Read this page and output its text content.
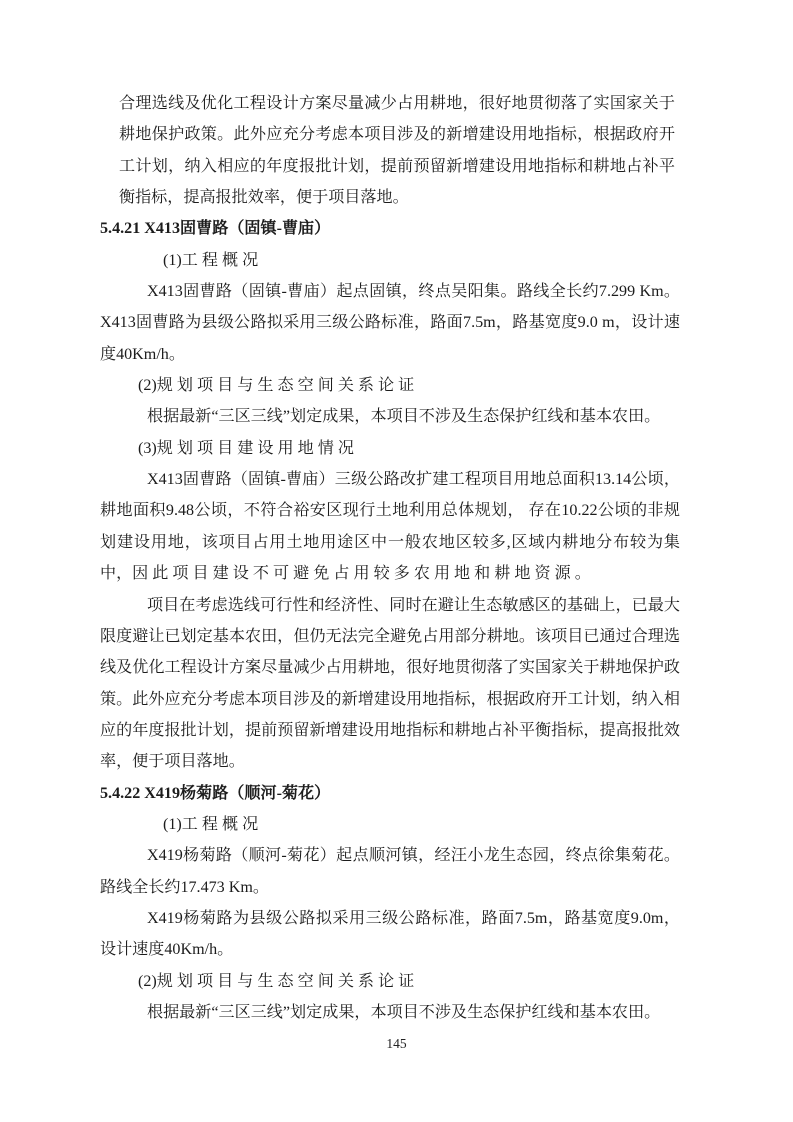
合理选线及优化工程设计方案尽量减少占用耕地，很好地贯彻落了实国家关于耕地保护政策。此外应充分考虑本项目涉及的新增建设用地指标，根据政府开工计划，纳入相应的年度报批计划，提前预留新增建设用地指标和耕地占补平衡指标，提高报批效率，便于项目落地。
5.4.21 X413固曹路（固镇-曹庙）
(1)工 程 概 况
X413固曹路（固镇-曹庙）起点固镇，终点吴阳集。路线全长约7.299 Km。X413固曹路为县级公路拟采用三级公路标准，路面7.5m，路基宽度9.0 m，设计速度40Km/h。
(2)规 划 项 目 与 生 态 空 间 关 系 论 证
根据最新“三区三线”划定成果，本项目不涉及生态保护红线和基本农田。
(3)规 划 项 目 建 设 用 地 情 况
X413固曹路（固镇-曹庙）三级公路改扩建工程项目用地总面积13.14公顷，耕地面积9.48公顷，不符合裕安区现行土地利用总体规划， 存在10.22公顷的非规划建设用地，该项目占用土地用途区中一般农地区较多,区域内耕地分布较为集中，因 此 项 目 建 设 不 可 避 免 占 用 较 多 农 用 地 和 耕 地 资 源 。
项目在考虑选线可行性和经济性、同时在避让生态敏感区的基础上，已最大限度避让已划定基本农田，但仍无法完全避免占用部分耕地。该项目已通过合理选线及优化工程设计方案尽量减少占用耕地，很好地贯彻落了实国家关于耕地保护政策。此外应充分考虑本项目涉及的新增建设用地指标，根据政府开工计划，纳入相应的年度报批计划，提前预留新增建设用地指标和耕地占补平衡指标，提高报批效率，便于项目落地。
5.4.22 X419杨菊路（顺河-菊花）
(1)工 程 概 况
X419杨菊路（顺河-菊花）起点顺河镇，经汪小龙生态园，终点徐集菊花。路线全长约17.473 Km。
X419杨菊路为县级公路拟采用三级公路标准，路面7.5m，路基宽度9.0m，设计速度40Km/h。
(2)规 划 项 目 与 生 态 空 间 关 系 论 证
根据最新“三区三线”划定成果，本项目不涉及生态保护红线和基本农田。
145
